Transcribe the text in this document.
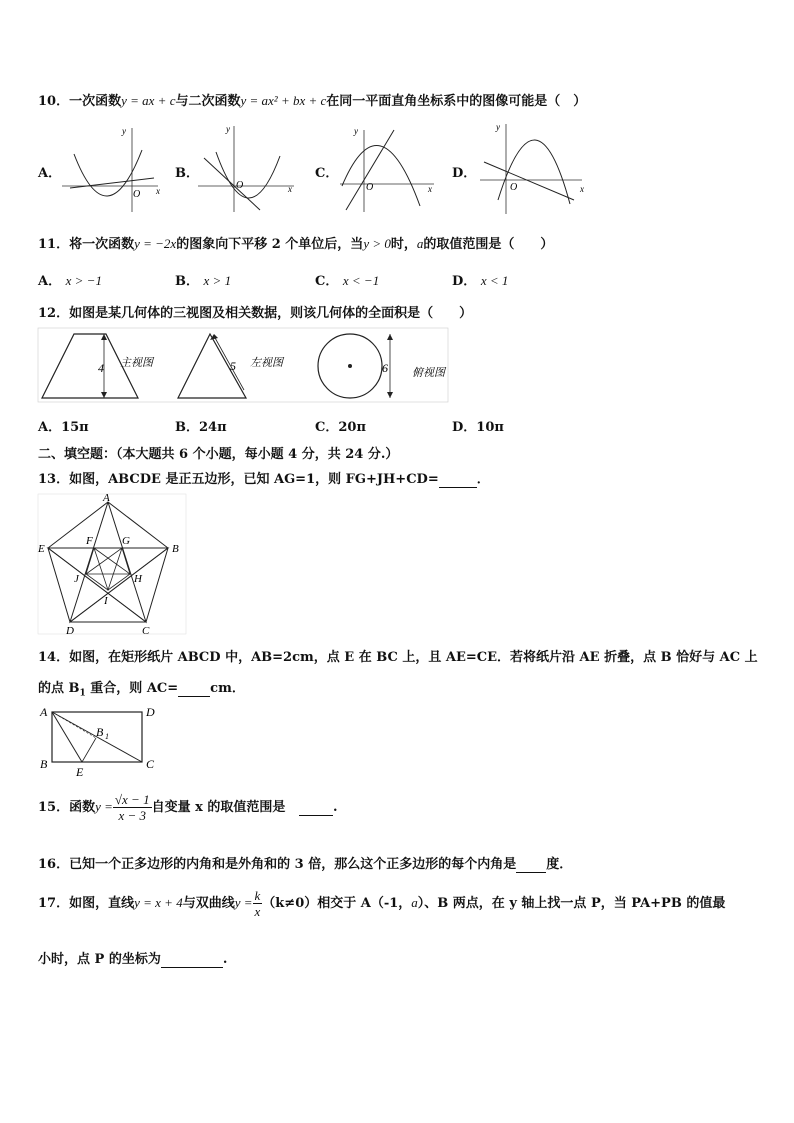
10．一次函数y = ax + c与二次函数y = ax² + bx + c在同一平面直角坐标系中的图像可能是（　）
A．
x
y
O
B．
x
y
O
C．
x
y
O
D．
x
y
O
11．将一次函数y = −2x的图象向下平移 2 个单位后，当y > 0时，a的取值范围是（　　）
A． x > −1	B． x > 1	C． x < −1	D． x < 1
12．如图是某几何体的三视图及相关数据，则该几何体的全面积是（　　）
4 主视图	5 左视图	6 俯视图
A．15π	B．24π	C．20π	D．10π
二、填空题：（本大题共 6 个小题，每小题 4 分，共 24 分.）
13．如图，ABCDE 是正五边形，已知 AG=1，则 FG+JH+CD=	．
A
B
C
D
E
F	G
H
I
J
14．如图，在矩形纸片 ABCD 中，AB=2cm，点 E 在 BC 上，且 AE=CE．若将纸片沿 AE 折叠，点 B 恰好与 AC 上
的点 $B_1$ 重合，则 AC= cm．
A
B	C
D
E
B 1
15．函数$y = \frac{√x - 1}{x - 3}$ 自变量 x 的取值范围是	.
16．已知一个正多边形的内角和是外角和的 3 倍，那么这个正多边形的每个内角是 度．
17．如图，直线y = x + 4与双曲线$y = \frac{k}{x} (k\ne 0)$相交于 A（-1，a）、B 两点，在 y 轴上找一点 P，当 PA+PB 的值最
小时，点 P 的坐标为	.
